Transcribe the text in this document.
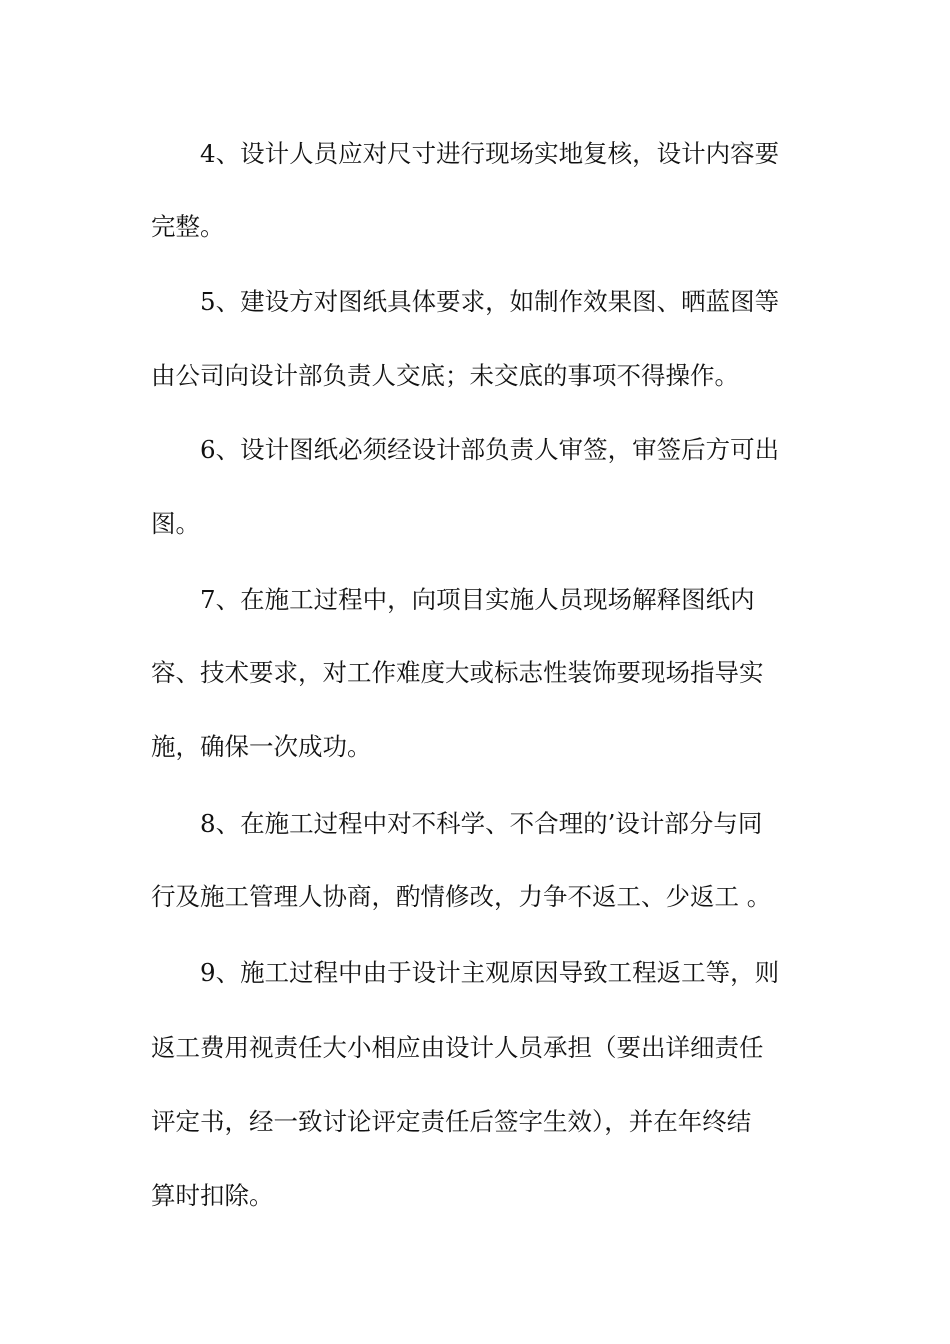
4、设计人员应对尺寸进行现场实地复核，设计内容要
完整。
5、建设方对图纸具体要求，如制作效果图、晒蓝图等
由公司向设计部负责人交底；未交底的事项不得操作。
6、设计图纸必须经设计部负责人审签，审签后方可出
图。
7、在施工过程中，向项目实施人员现场解释图纸内
容、技术要求，对工作难度大或标志性装饰要现场指导实
施，确保一次成功。
8、在施工过程中对不科学、不合理的’设计部分与同
行及施工管理人协商，酌情修改，力争不返工、少返工 。
9、施工过程中由于设计主观原因导致工程返工等，则
返工费用视责任大小相应由设计人员承担（要出详细责任
评定书，经一致讨论评定责任后签字生效），并在年终结
算时扣除。
